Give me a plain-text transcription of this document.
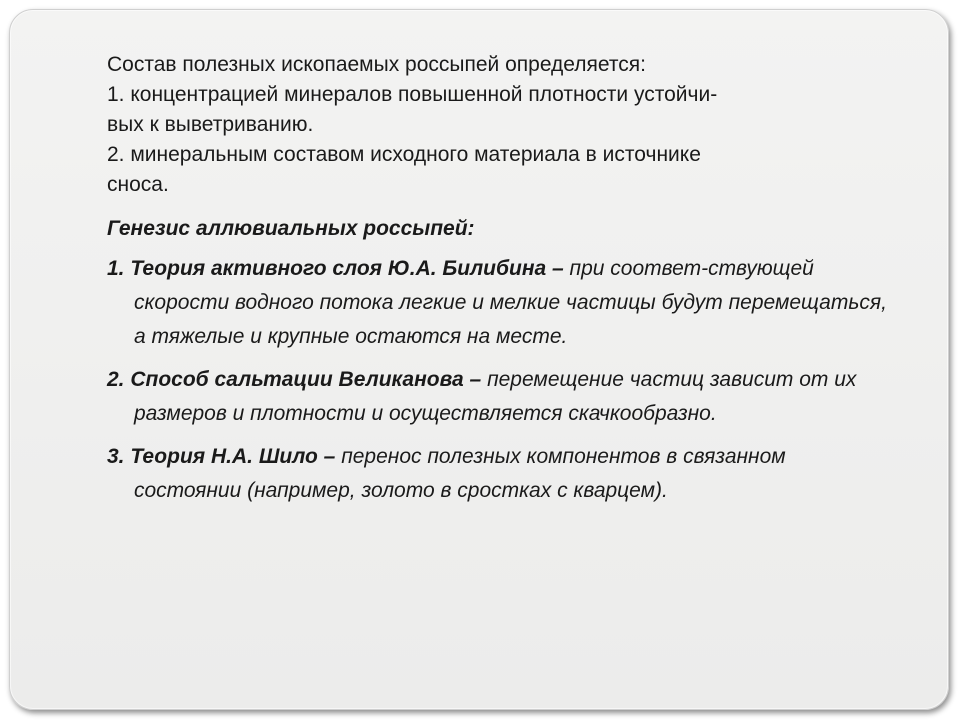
Состав полезных ископаемых россыпей определяется:

1. концентрацией минералов повышенной плотности устойчи-

вых к выветриванию.

2. минеральным составом исходного материала в источнике

сноса.

Генезис аллювиальных россыпей:

1. Теория активного слоя Ю.А. Билибина – при соответ-ствующей скорости водного потока легкие и мелкие частицы будут перемещаться, а тяжелые и крупные остаются на месте.

2. Способ сальтации Великанова – перемещение частиц зависит от их размеров и плотности и осуществляется скачкообразно.

3. Теория Н.А. Шило – перенос полезных компонентов в связанном состоянии (например, золото в сростках с кварцем).
